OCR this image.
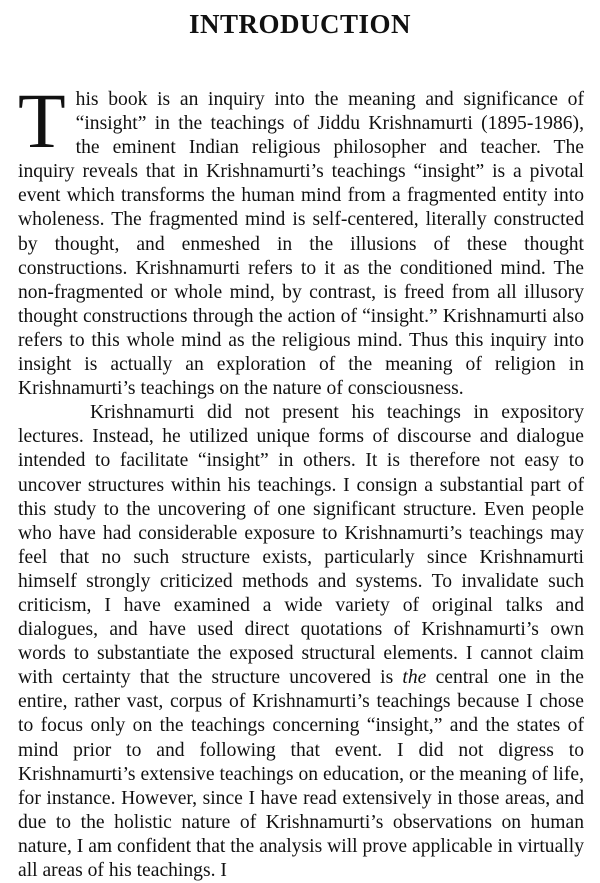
INTRODUCTION

This book is an inquiry into the meaning and significance of “insight” in the teachings of Jiddu Krishnamurti (1895-1986), the eminent Indian religious philosopher and teacher. The inquiry reveals that in Krishnamurti’s teachings “insight” is a pivotal event which transforms the human mind from a fragmented entity into wholeness. The fragmented mind is self-centered, literally constructed by thought, and enmeshed in the illusions of these thought constructions. Krishnamurti refers to it as the conditioned mind. The non-fragmented or whole mind, by contrast, is freed from all illusory thought constructions through the action of “insight.” Krishnamurti also refers to this whole mind as the religious mind. Thus this inquiry into insight is actually an exploration of the meaning of religion in Krishnamurti’s teachings on the nature of consciousness.

Krishnamurti did not present his teachings in expository lectures. Instead, he utilized unique forms of discourse and dialogue intended to facilitate “insight” in others. It is therefore not easy to uncover structures within his teachings. I consign a substantial part of this study to the uncovering of one significant structure. Even people who have had considerable exposure to Krishnamurti’s teachings may feel that no such structure exists, particularly since Krishnamurti himself strongly criticized methods and systems. To invalidate such criticism, I have examined a wide variety of original talks and dialogues, and have used direct quotations of Krishnamurti’s own words to substantiate the exposed structural elements. I cannot claim with certainty that the structure uncovered is the central one in the entire, rather vast, corpus of Krishnamurti’s teachings because I chose to focus only on the teachings concerning “insight,” and the states of mind prior to and following that event. I did not digress to Krishnamurti’s extensive teachings on education, or the meaning of life, for instance. However, since I have read extensively in those areas, and due to the holistic nature of Krishnamurti’s observations on human nature, I am confident that the analysis will prove applicable in virtually all areas of his teachings. I
